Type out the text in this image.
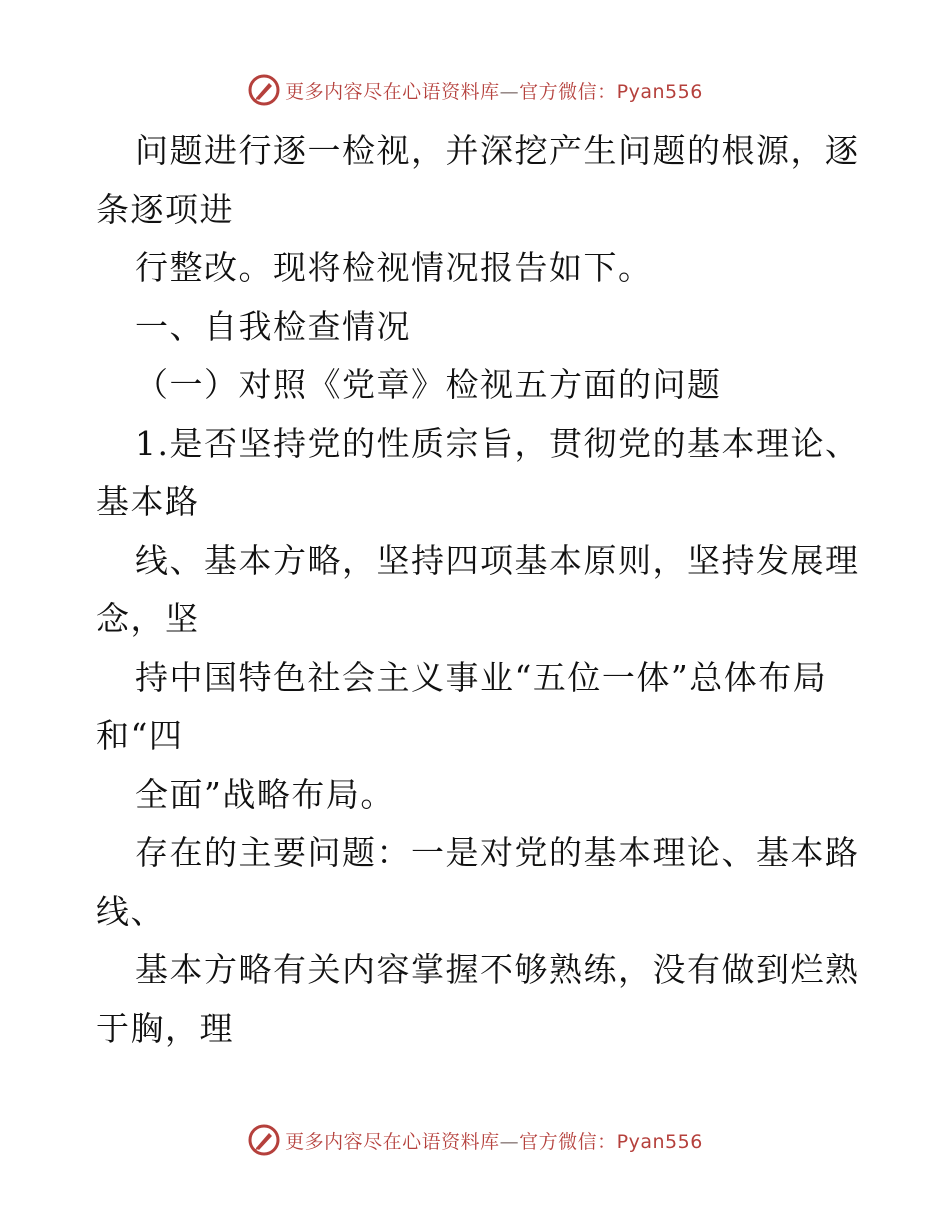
更多内容尽在心语资料库—官方微信：Pyan556
问题进行逐一检视，并深挖产生问题的根源，逐
条逐项进
行整改。现将检视情况报告如下。
一、自我检查情况
（一）对照《党章》检视五方面的问题
1.是否坚持党的性质宗旨，贯彻党的基本理论、
基本路
线、基本方略，坚持四项基本原则，坚持发展理
念，坚
持中国特色社会主义事业“五位一体”总体布局
和“四
全面”战略布局。
存在的主要问题：一是对党的基本理论、基本路
线、
基本方略有关内容掌握不够熟练，没有做到烂熟
于胸，理
更多内容尽在心语资料库—官方微信：Pyan556
